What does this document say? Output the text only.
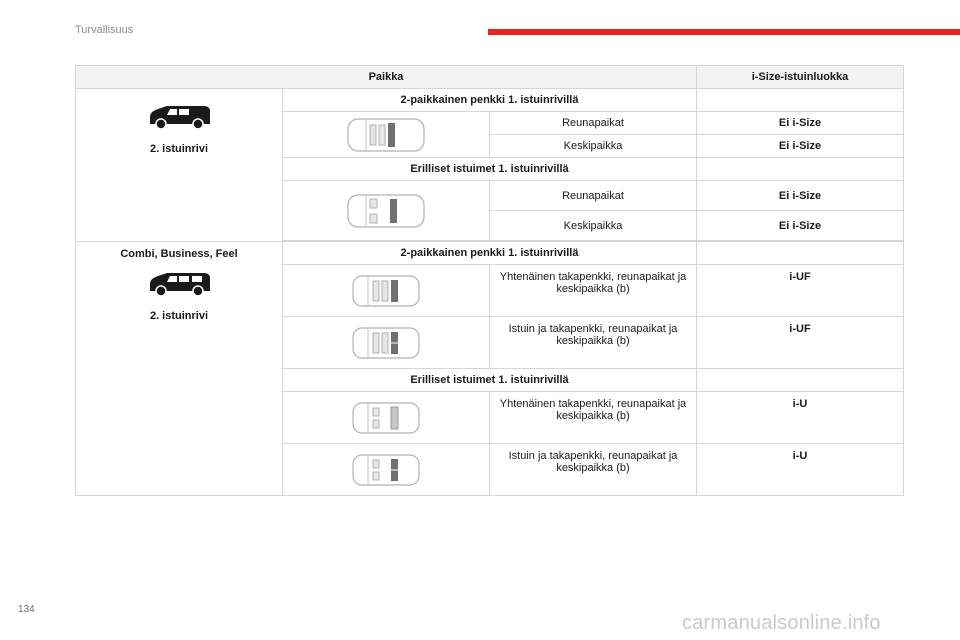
Turvallisuus
Paikka			i-Size-istuinluokka

2. istuinrivi	2-paikkainen penkki 1. istuinrivillä		

	Reunapaikat	Ei i-Size
		Keskipaikka	Ei i-Size
	Erilliset istuimet 1. istuinrivillä		

	Reunapaikat	Ei i-Size
		Keskipaikka	Ei i-Size

Combi, Business, Feel
2. istuinrivi	2-paikkainen penkki 1. istuinrivillä		

	Yhtenäinen takapenkki, reunapaikat ja keskipaikka (b)	i-UF

	Istuin ja takapenkki, reunapaikat ja keskipaikka (b)	i-UF
	Erilliset istuimet 1. istuinrivillä		

	Yhtenäinen takapenkki, reunapaikat ja keskipaikka (b)	i-U

	Istuin ja takapenkki, reunapaikat ja keskipaikka (b)	i-U
134
carmanualsonline.info
